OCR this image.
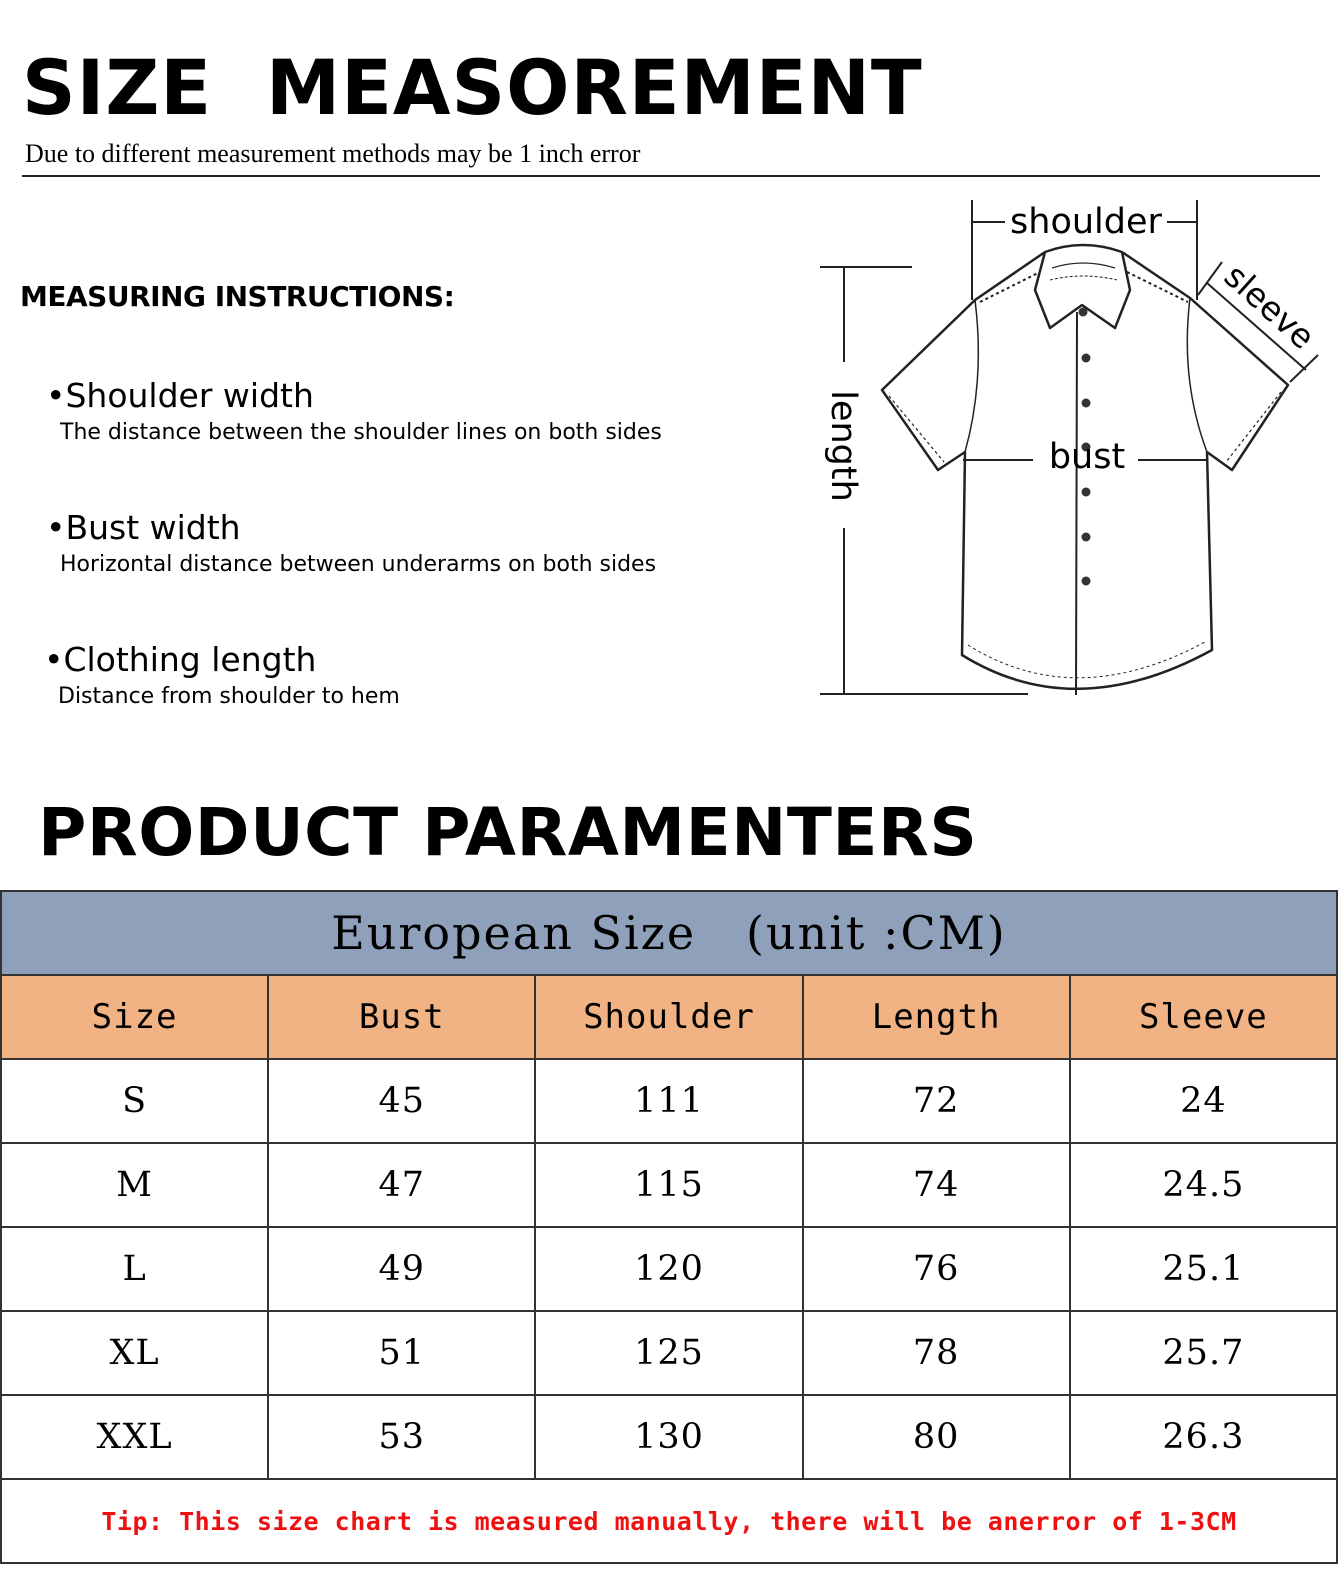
SIZE  MEASOREMENT
Due to different measurement methods may be 1 inch error
MEASURING INSTRUCTIONS:
•Shoulder width
The distance between the shoulder lines on both sides
•Bust width
Horizontal distance between underarms on both sides
•Clothing length
Distance from shoulder to hem
shoulder
bust
length
sleeve
PRODUCT PARAMENTERS
European Size   (unit :CM)				
Size	Bust	Shoulder	Length	Sleeve
S	45	111	72	24
M	47	115	74	24.5
L	49	120	76	25.1
XL	51	125	78	25.7
XXL	53	130	80	26.3
Tip: This size chart is measured manually, there will be anerror of 1-3CM				
